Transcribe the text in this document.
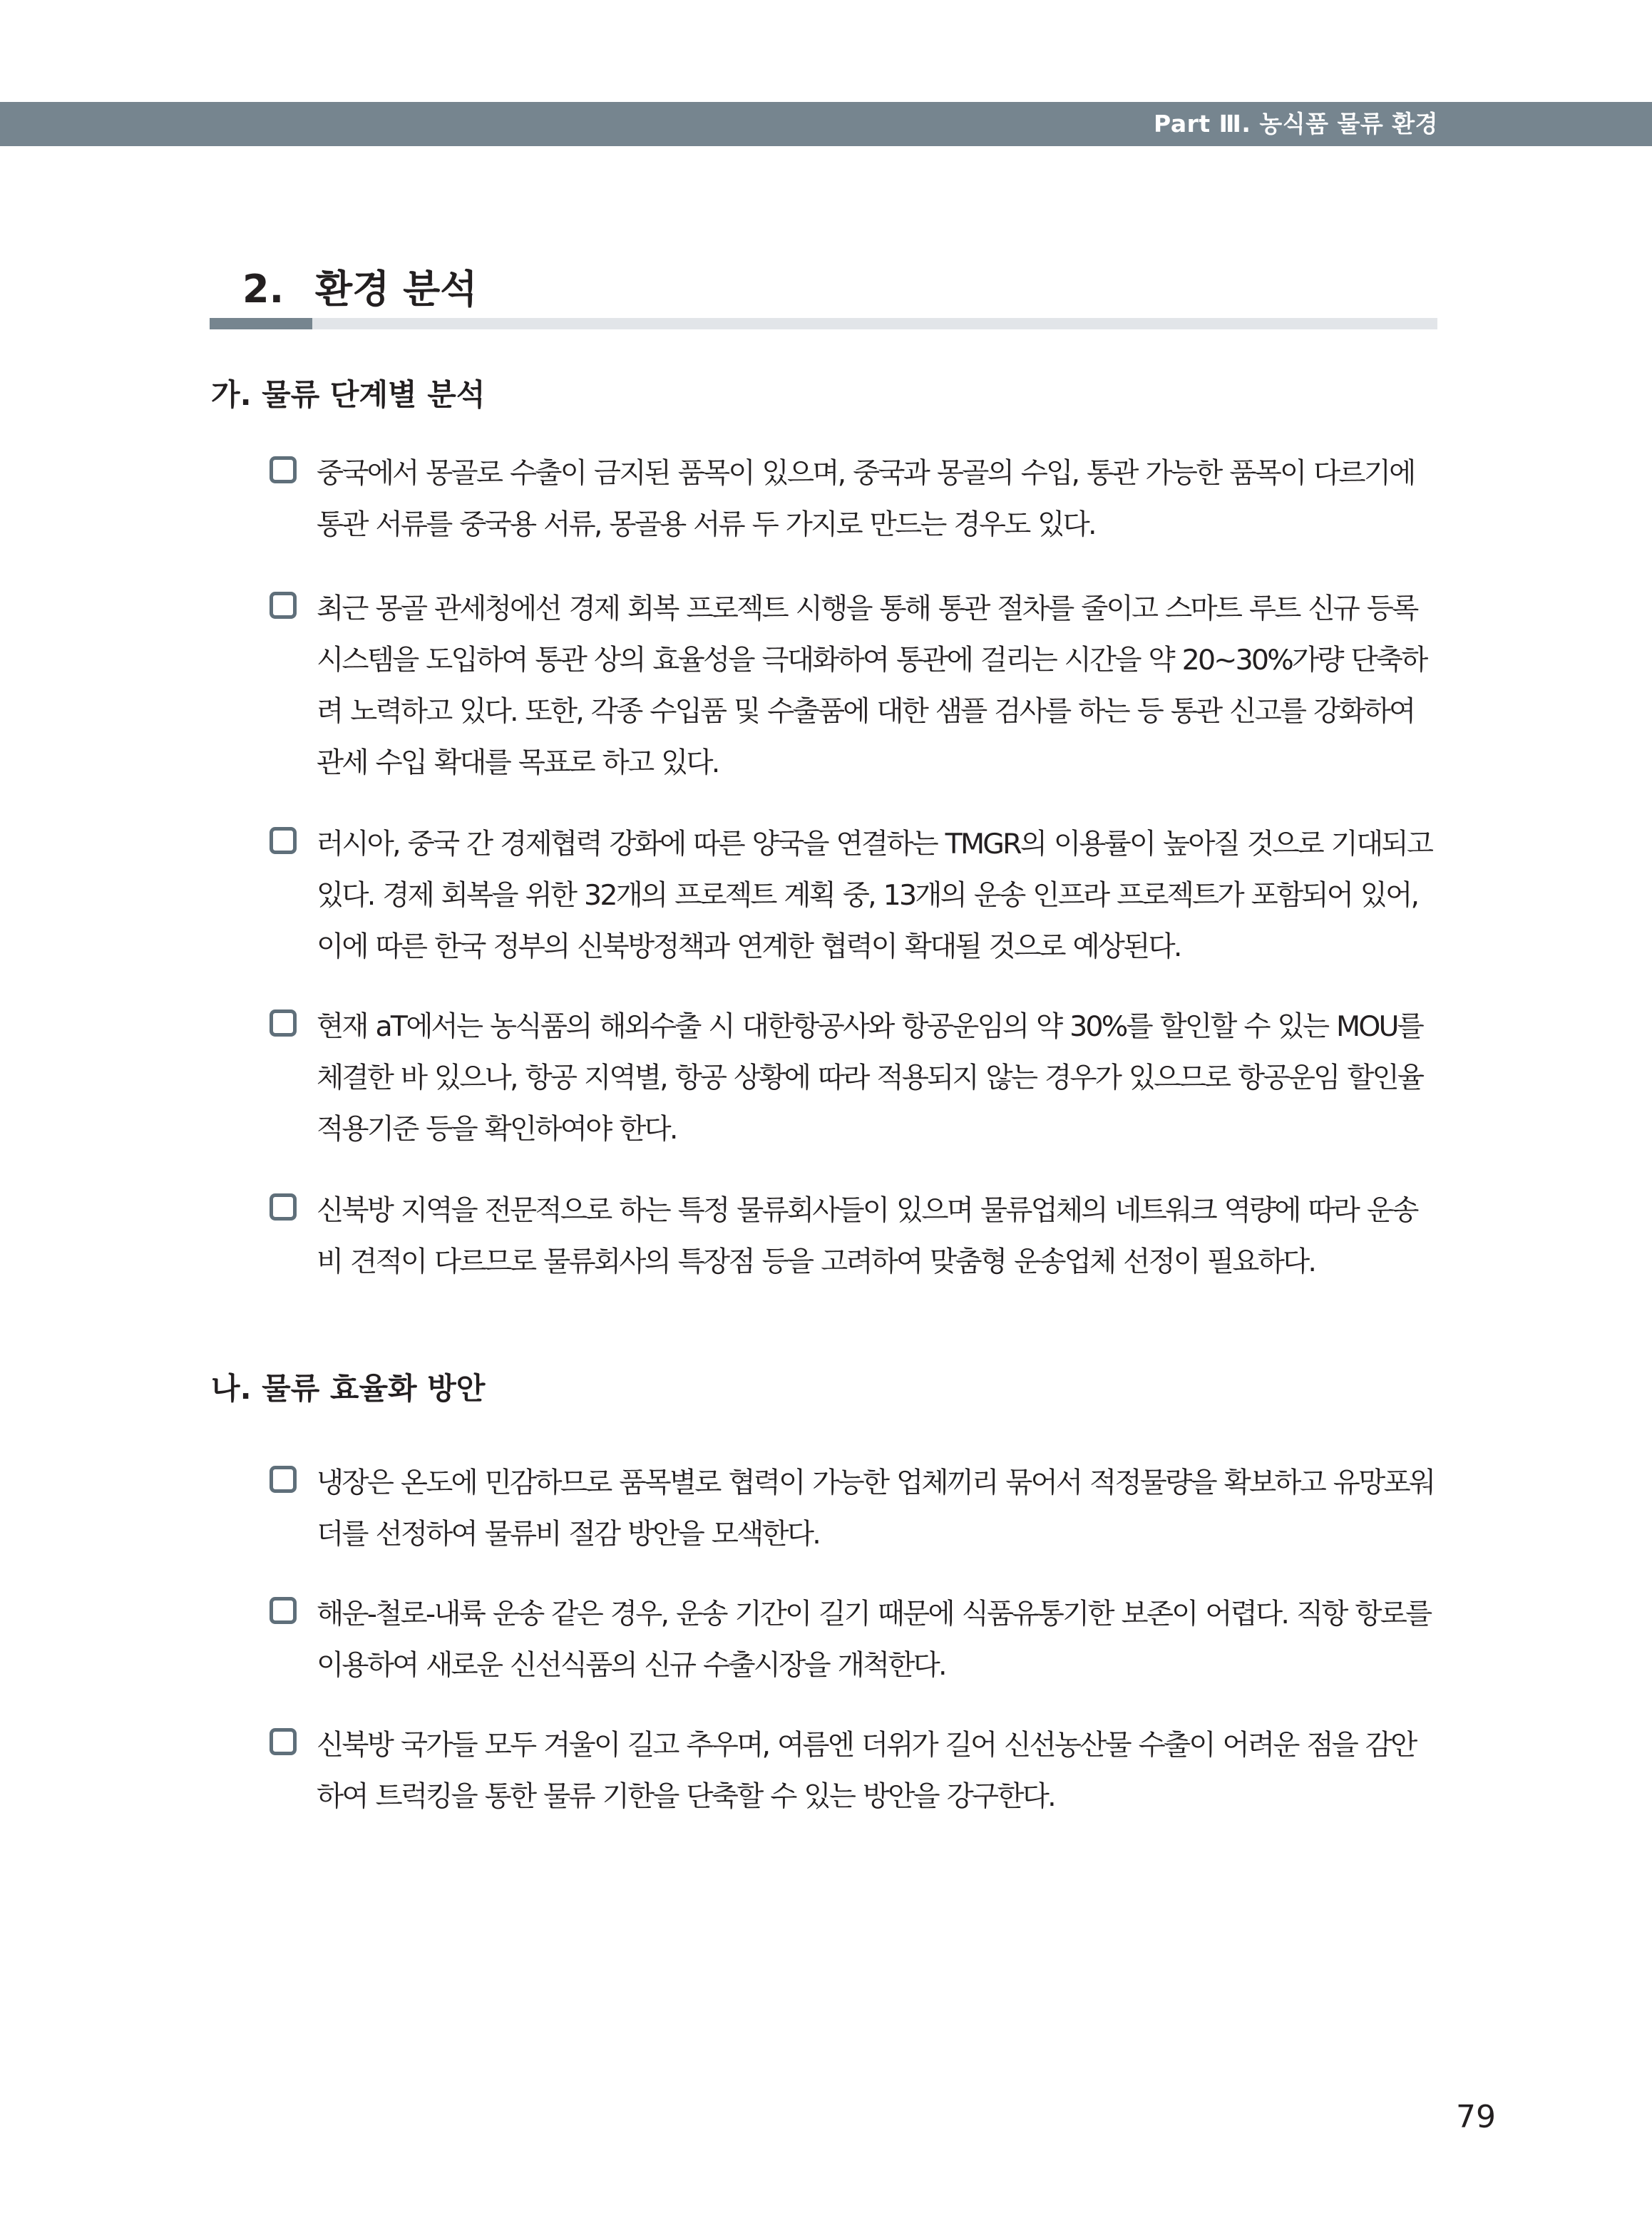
Part Ⅲ. 농식품 물류 환경
2. 환경 분석
가. 물류 단계별 분석
중국에서 몽골로 수출이 금지된 품목이 있으며, 중국과 몽골의 수입, 통관 가능한 품목이 다르기에 통관 서류를 중국용 서류, 몽골용 서류 두 가지로 만드는 경우도 있다.
최근 몽골 관세청에선 경제 회복 프로젝트 시행을 통해 통관 절차를 줄이고 스마트 루트 신규 등록 시스템을 도입하여 통관 상의 효율성을 극대화하여 통관에 걸리는 시간을 약 20~30%가량 단축하려 노력하고 있다. 또한, 각종 수입품 및 수출품에 대한 샘플 검사를 하는 등 통관 신고를 강화하여 관세 수입 확대를 목표로 하고 있다.
러시아, 중국 간 경제협력 강화에 따른 양국을 연결하는 TMGR의 이용률이 높아질 것으로 기대되고 있다. 경제 회복을 위한 32개의 프로젝트 계획 중, 13개의 운송 인프라 프로젝트가 포함되어 있어, 이에 따른 한국 정부의 신북방정책과 연계한 협력이 확대될 것으로 예상된다.
현재 aT에서는 농식품의 해외수출 시 대한항공사와 항공운임의 약 30%를 할인할 수 있는 MOU를 체결한 바 있으나, 항공 지역별, 항공 상황에 따라 적용되지 않는 경우가 있으므로 항공운임 할인율 적용기준 등을 확인하여야 한다.
신북방 지역을 전문적으로 하는 특정 물류회사들이 있으며 물류업체의 네트워크 역량에 따라 운송비 견적이 다르므로 물류회사의 특장점 등을 고려하여 맞춤형 운송업체 선정이 필요하다.
나. 물류 효율화 방안
냉장은 온도에 민감하므로 품목별로 협력이 가능한 업체끼리 묶어서 적정물량을 확보하고 유망포워더를 선정하여 물류비 절감 방안을 모색한다.
해운-철로-내륙 운송 같은 경우, 운송 기간이 길기 때문에 식품유통기한 보존이 어렵다. 직항 항로를 이용하여 새로운 신선식품의 신규 수출시장을 개척한다.
신북방 국가들 모두 겨울이 길고 추우며, 여름엔 더위가 길어 신선농산물 수출이 어려운 점을 감안하여 트럭킹을 통한 물류 기한을 단축할 수 있는 방안을 강구한다.
79
